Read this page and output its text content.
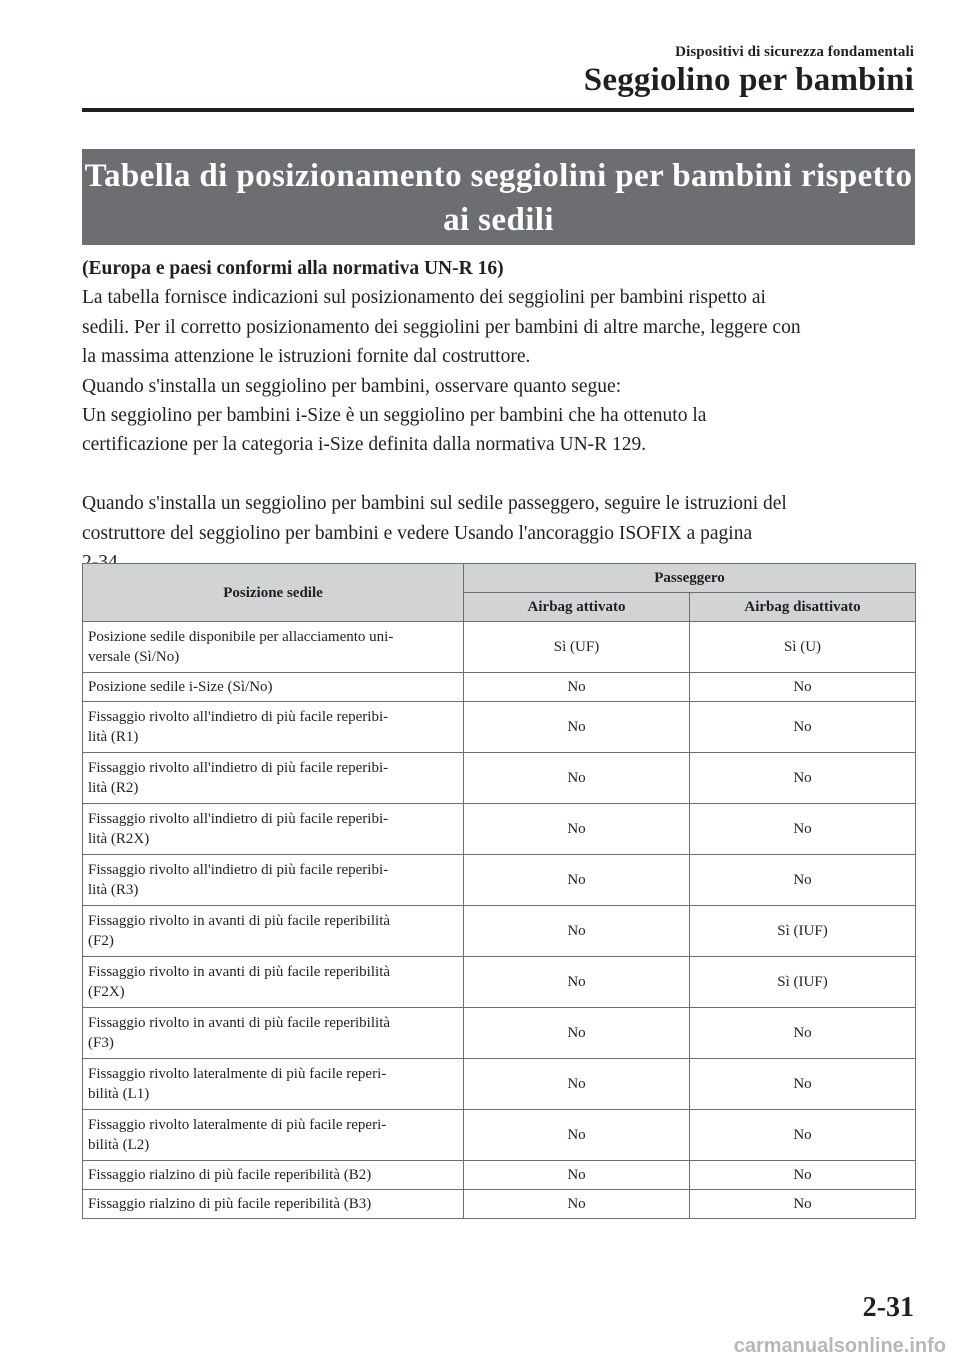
Dispositivi di sicurezza fondamentali
Seggiolino per bambini
Tabella di posizionamento seggiolini per bambini rispetto
ai sedili

(Europa e paesi conformi alla normativa UN-R 16)

La tabella fornisce indicazioni sul posizionamento dei seggiolini per bambini rispetto ai

sedili. Per il corretto posizionamento dei seggiolini per bambini di altre marche, leggere con

la massima attenzione le istruzioni fornite dal costruttore.

Quando s'installa un seggiolino per bambini, osservare quanto segue:

Un seggiolino per bambini i-Size è un seggiolino per bambini che ha ottenuto la

certificazione per la categoria i-Size definita dalla normativa UN-R 129.

Quando s'installa un seggiolino per bambini sul sedile passeggero, seguire le istruzioni del

costruttore del seggiolino per bambini e vedere Usando l'ancoraggio ISOFIX a pagina

Posizione sedile	Passeggero	
	Airbag attivato	Airbag disattivato

Posizione sedile disponibile per allacciamento uni-
versale (Sì/No)	Sì (UF)	Sì (U)
Posizione sedile i-Size (Sì/No)	No	No

Fissaggio rivolto all'indietro di più facile reperibi-
lità (R1)	No	No

Fissaggio rivolto all'indietro di più facile reperibi-
lità (R2)	No	No

Fissaggio rivolto all'indietro di più facile reperibi-
lità (R2X)	No	No

Fissaggio rivolto all'indietro di più facile reperibi-
lità (R3)	No	No

Fissaggio rivolto in avanti di più facile reperibilità
(F2)	No	Sì (IUF)

Fissaggio rivolto in avanti di più facile reperibilità
(F2X)	No	Sì (IUF)

Fissaggio rivolto in avanti di più facile reperibilità
(F3)	No	No

Fissaggio rivolto lateralmente di più facile reperi-
bilità (L1)	No	No

Fissaggio rivolto lateralmente di più facile reperi-
bilità (L2)	No	No
Fissaggio rialzino di più facile reperibilità (B2)	No	No
Fissaggio rialzino di più facile reperibilità (B3)	No	No
2-31
carmanualsonline.info
